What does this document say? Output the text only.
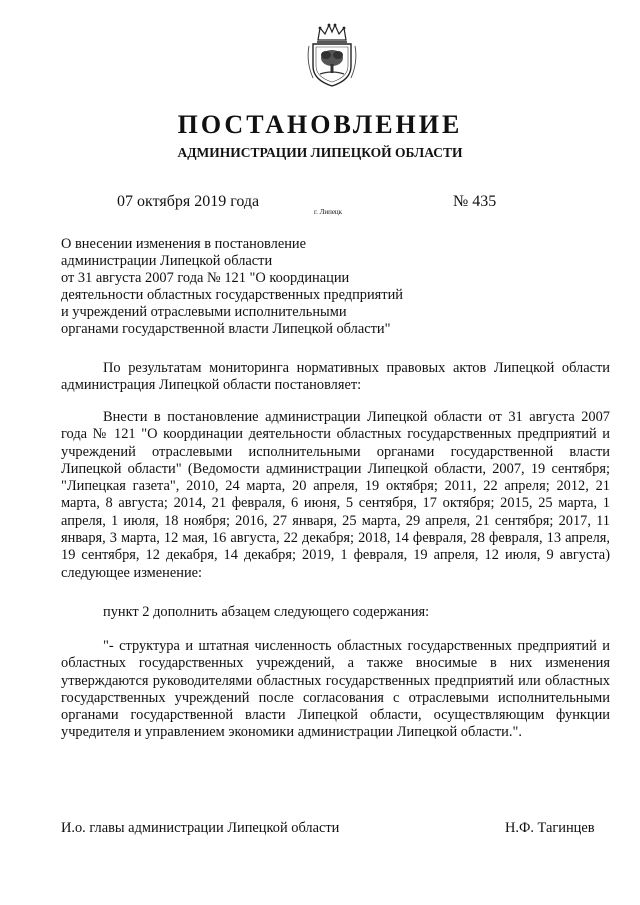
ПОСТАНОВЛЕНИЕ
АДМИНИСТРАЦИИ ЛИПЕЦКОЙ ОБЛАСТИ
07 октября 2019 года
г. Липецк
№ 435
О внесении изменения в постановление
администрации Липецкой области
от 31 августа 2007 года № 121 "О координации
деятельности областных государственных предприятий
и учреждений отраслевыми исполнительными
органами государственной власти Липецкой области"

По результатам мониторинга нормативных правовых актов Липецкой области администрация Липецкой области постановляет:

Внести в постановление администрации Липецкой области от 31 августа 2007 года № 121 "О координации деятельности областных государственных предприятий и учреждений отраслевыми исполнительными органами государственной власти Липецкой области" (Ведомости администрации Липецкой области, 2007, 19 сентября; "Липецкая газета", 2010, 24 марта, 20 апреля, 19 октября; 2011, 22 апреля; 2012, 21 марта, 8 августа; 2014, 21 февраля, 6 июня, 5 сентября, 17 октября; 2015, 25 марта, 1 апреля, 1 июля, 18 ноября; 2016, 27 января, 25 марта, 29 апреля, 21 сентября; 2017, 11 января, 3 марта, 12 мая, 16 августа, 22 декабря; 2018, 14 февраля, 28 февраля, 13 апреля, 19 сентября, 12 декабря, 14 декабря; 2019, 1 февраля, 19 апреля, 12 июля, 9 августа) следующее изменение:

пункт 2 дополнить абзацем следующего содержания:

"- структура и штатная численность областных государственных предприятий и областных государственных учреждений, а также вносимые в них изменения утверждаются руководителями областных государственных предприятий или областных государственных учреждений после согласования с отраслевыми исполнительными органами государственной власти Липецкой области, осуществляющим функции учредителя и управлением экономики администрации Липецкой области.".

И.о. главы администрации Липецкой области	Н.Ф. Тагинцев
